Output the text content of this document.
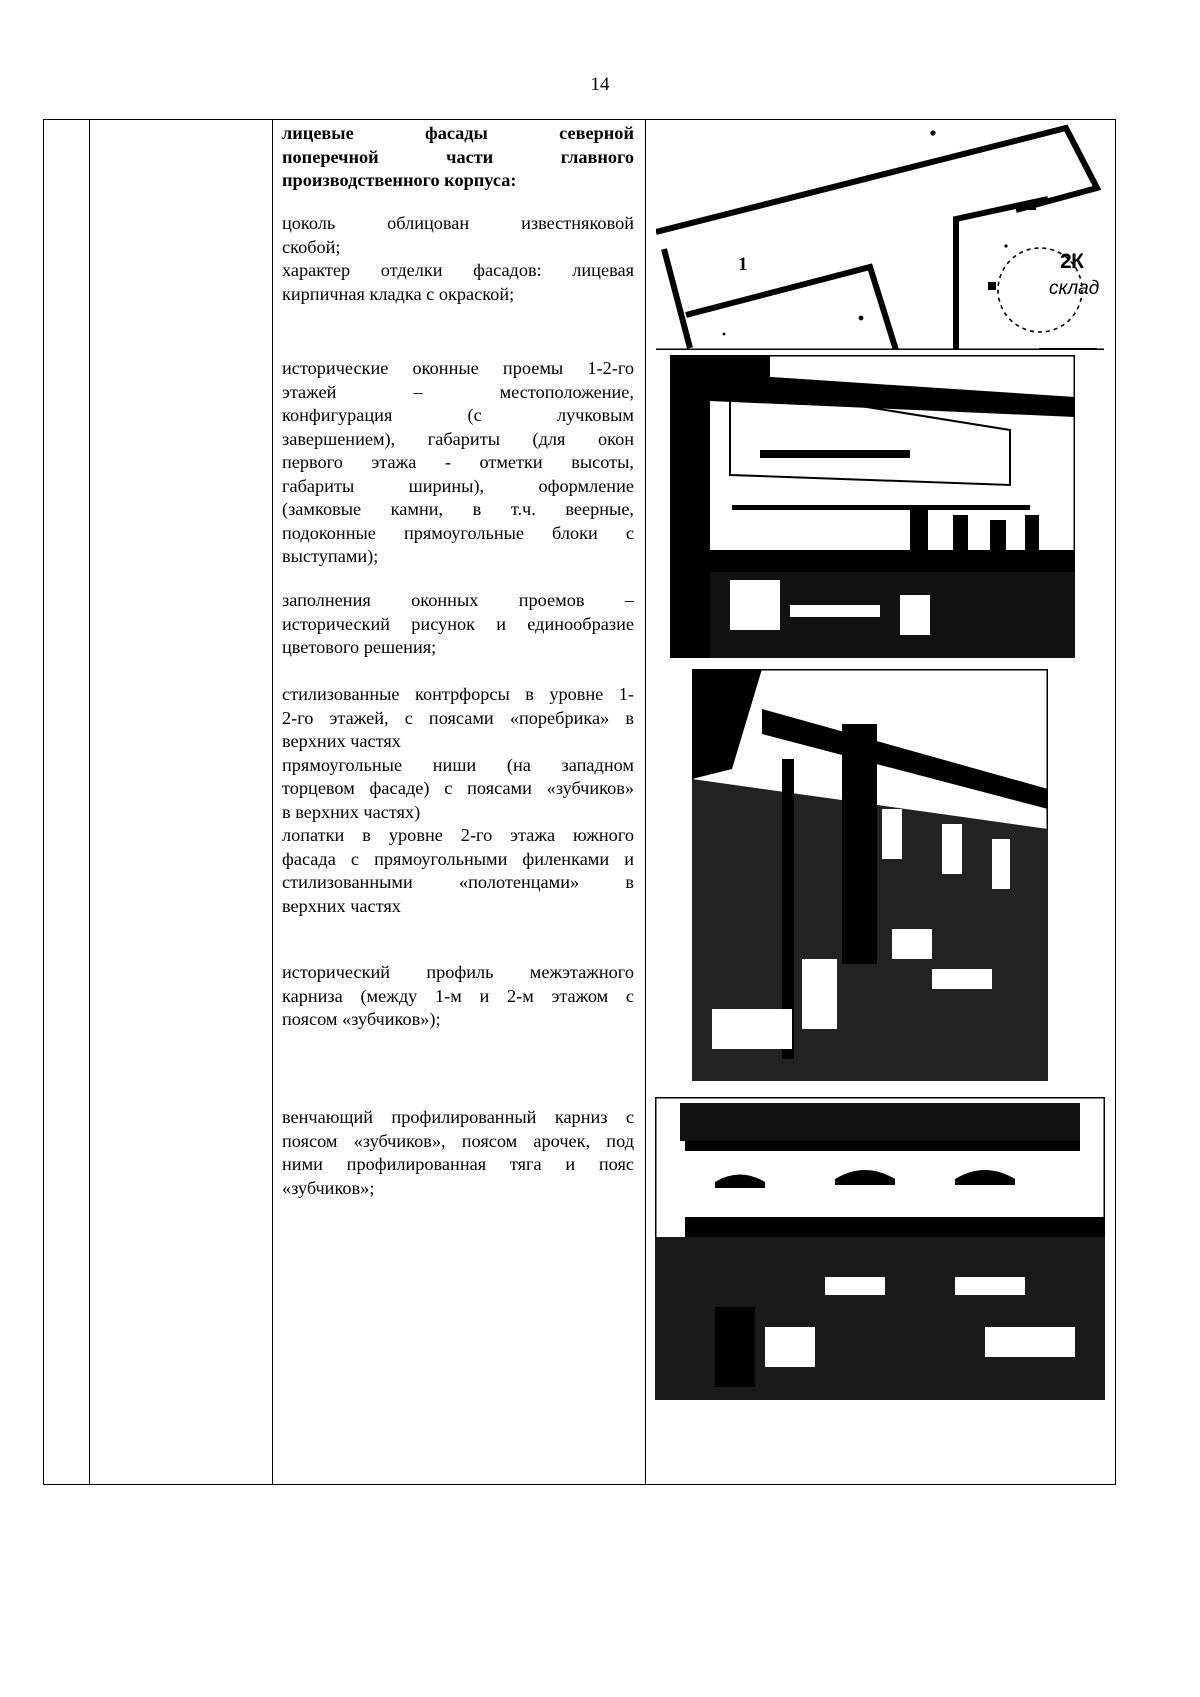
14
лицевые фасады северной
поперечной части главного
производственного корпуса:
цоколь облицован известняковой
скобой;
характер отделки фасадов: лицевая
кирпичная кладка с окраской;
исторические оконные проемы 1-2-го
этажей – местоположение,
конфигурация (с лучковым
завершением), габариты (для окон
первого этажа - отметки высоты,
габариты ширины), оформление
(замковые камни, в т.ч. веерные,
подоконные прямоугольные блоки с
выступами);
заполнения оконных проемов –
исторический рисунок и единообразие
цветового решения;
стилизованные контрфорсы в уровне 1-
2-го этажей, с поясами «поребрика» в
верхних частях
прямоугольные ниши (на западном
торцевом фасаде) с поясами «зубчиков»
в верхних частях)
лопатки в уровне 2-го этажа южного
фасада с прямоугольными филенками и
стилизованными «полотенцами» в
верхних частях
исторический профиль межэтажного
карниза (между 1-м и 2-м этажом с
поясом «зубчиков»);
венчающий профилированный карниз с
поясом «зубчиков», поясом арочек, под
ними профилированная тяга и пояс
«зубчиков»;
1	2К
склад
